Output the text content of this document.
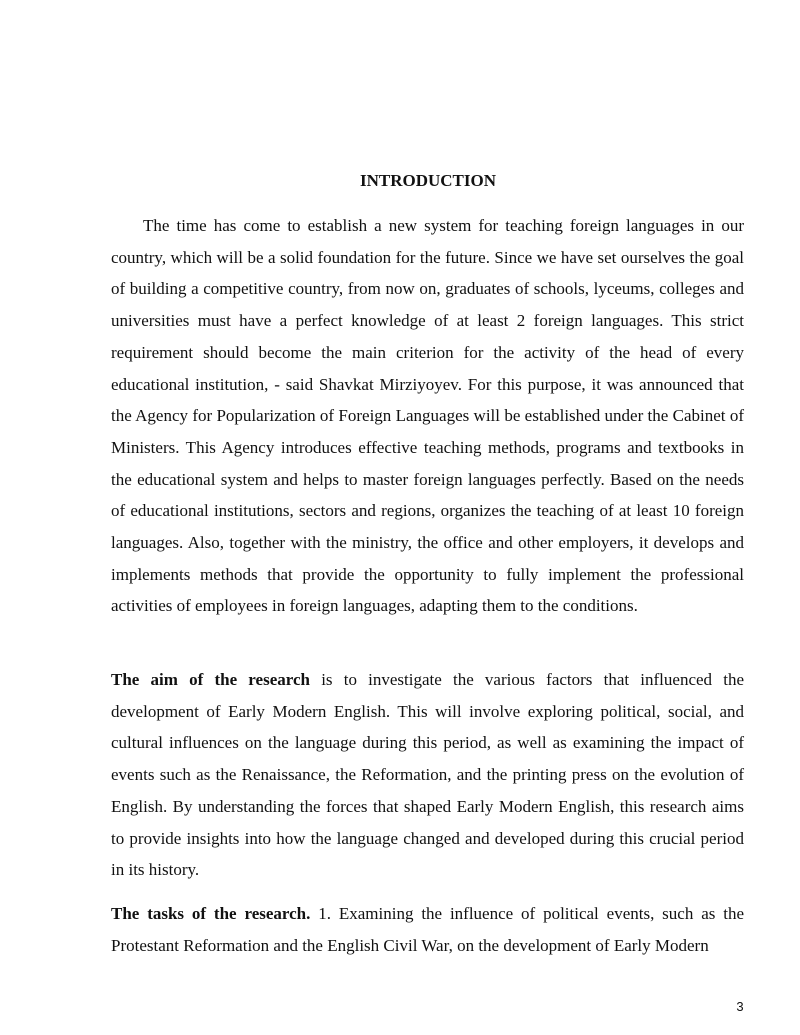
INTRODUCTION

The time has come to establish a new system for teaching foreign languages in our country, which will be a solid foundation for the future. Since we have set ourselves the goal of building a competitive country, from now on, graduates of schools, lyceums, colleges and universities must have a perfect knowledge of at least 2 foreign languages. This strict requirement should become the main criterion for the activity of the head of every educational institution, - said Shavkat Mirziyoyev. For this purpose, it was announced that the Agency for Popularization of Foreign Languages will be established under the Cabinet of Ministers. This Agency introduces effective teaching methods, programs and textbooks in the educational system and helps to master foreign languages perfectly. Based on the needs of educational institutions, sectors and regions, organizes the teaching of at least 10 foreign languages. Also, together with the ministry, the office and other employers, it develops and implements methods that provide the opportunity to fully implement the professional activities of employees in foreign languages, adapting them to the conditions.

The aim of the research is to investigate the various factors that influenced the development of Early Modern English. This will involve exploring political, social, and cultural influences on the language during this period, as well as examining the impact of events such as the Renaissance, the Reformation, and the printing press on the evolution of English. By understanding the forces that shaped Early Modern English, this research aims to provide insights into how the language changed and developed during this crucial period in its history.

The tasks of the research. 1. Examining the influence of political events, such as the Protestant Reformation and the English Civil War, on the development of Early Modern

3
